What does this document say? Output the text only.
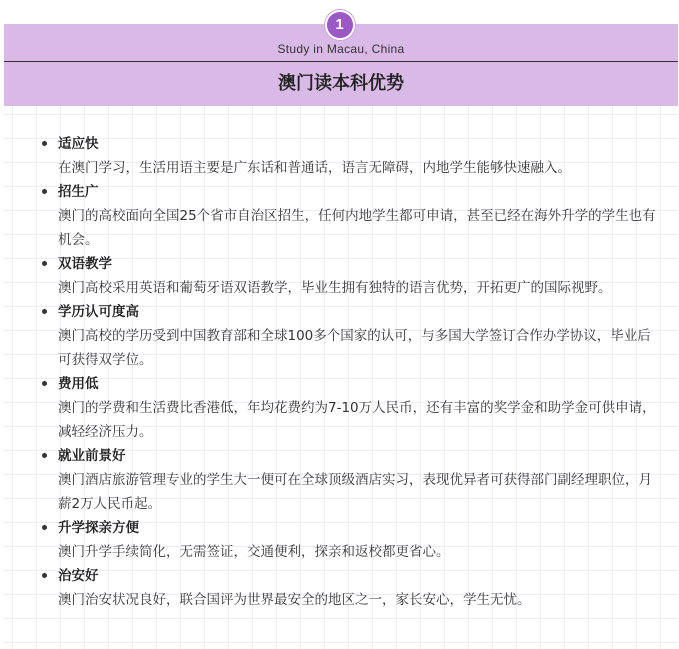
1
Study in Macau, China
澳门读本科优势
适应快
在澳门学习，生活用语主要是广东话和普通话，语言无障碍，内地学生能够快速融入。
招生广
澳门的高校面向全国25个省市自治区招生，任何内地学生都可申请，甚至已经在海外升学的学生也有机会。
双语教学
澳门高校采用英语和葡萄牙语双语教学，毕业生拥有独特的语言优势，开拓更广的国际视野。
学历认可度高
澳门高校的学历受到中国教育部和全球100多个国家的认可，与多国大学签订合作办学协议，毕业后可获得双学位。
费用低
澳门的学费和生活费比香港低，年均花费约为7-10万人民币，还有丰富的奖学金和助学金可供申请，减轻经济压力。
就业前景好
澳门酒店旅游管理专业的学生大一便可在全球顶级酒店实习，表现优异者可获得部门副经理职位，月薪2万人民币起。
升学探亲方便
澳门升学手续简化，无需签证，交通便利，探亲和返校都更省心。
治安好
澳门治安状况良好，联合国评为世界最安全的地区之一，家长安心，学生无忧。
